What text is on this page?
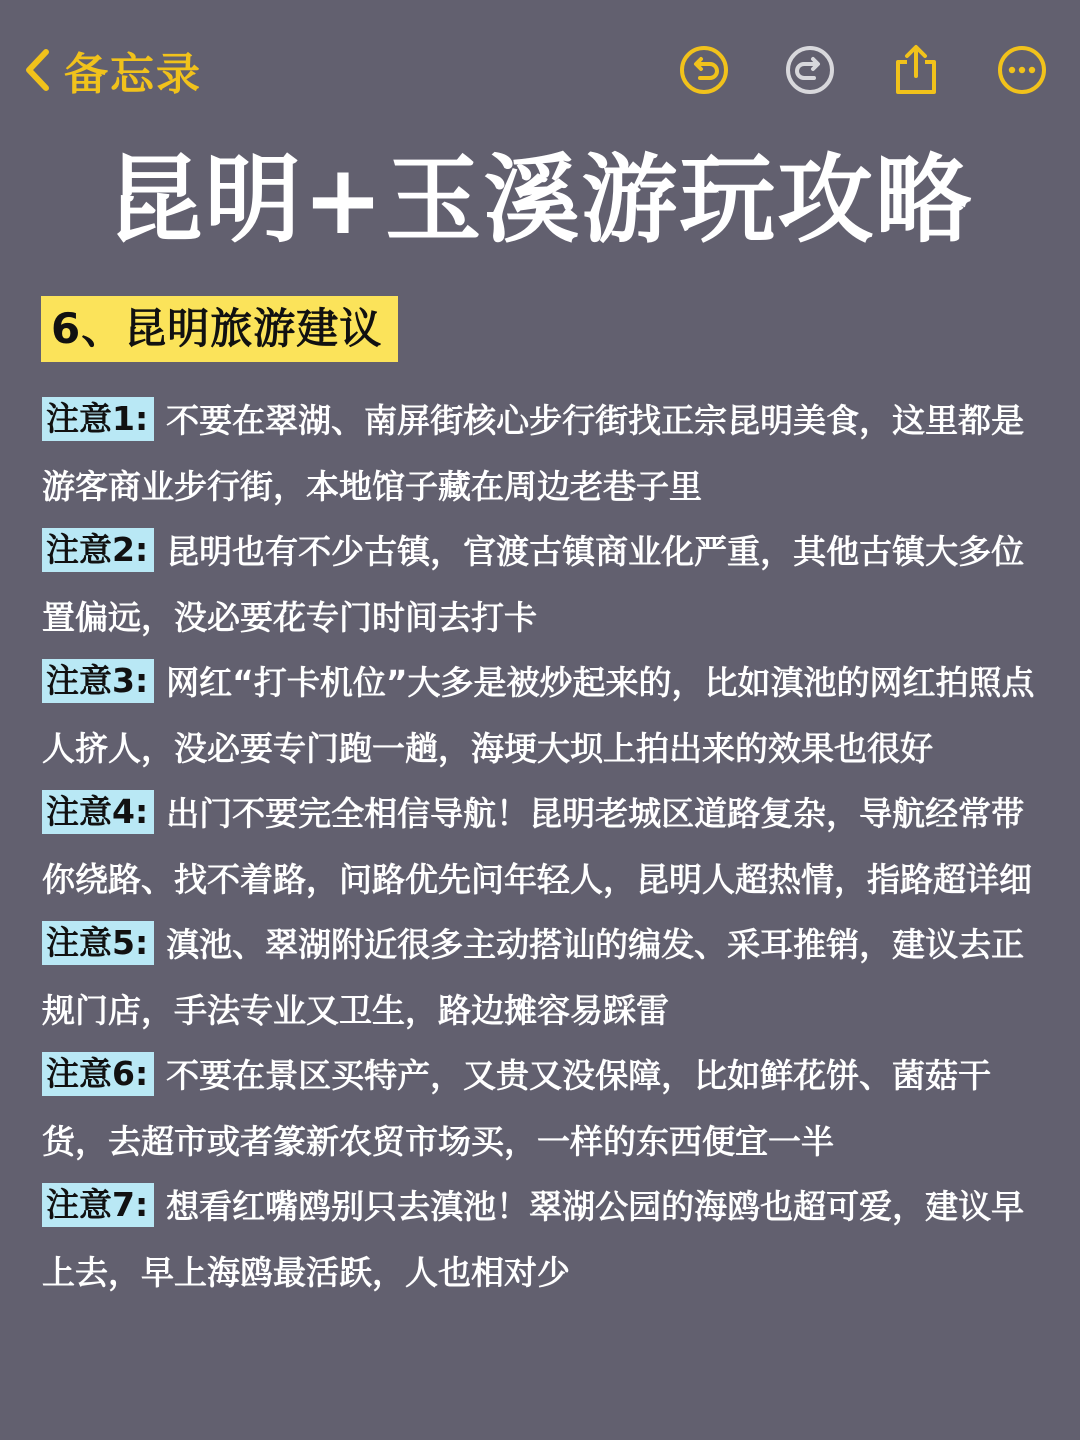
备忘录
昆明+玉溪游玩攻略
6、昆明旅游建议

注意1: 不要在翠湖、南屏街核心步行街找正宗昆明美食，这里都是游客商业步行街，本地馆子藏在周边老巷子里

注意2: 昆明也有不少古镇，官渡古镇商业化严重，其他古镇大多位置偏远，没必要花专门时间去打卡

注意3: 网红“打卡机位”大多是被炒起来的，比如滇池的网红拍照点人挤人，没必要专门跑一趟，海埂大坝上拍出来的效果也很好

注意4: 出门不要完全相信导航！昆明老城区道路复杂，导航经常带你绕路、找不着路，问路优先问年轻人，昆明人超热情，指路超详细

注意5: 滇池、翠湖附近很多主动搭讪的编发、采耳推销，建议去正规门店，手法专业又卫生，路边摊容易踩雷

注意6: 不要在景区买特产，又贵又没保障，比如鲜花饼、菌菇干货，去超市或者篆新农贸市场买，一样的东西便宜一半

注意7: 想看红嘴鸥别只去滇池！翠湖公园的海鸥也超可爱，建议早上去，早上海鸥最活跃，人也相对少
